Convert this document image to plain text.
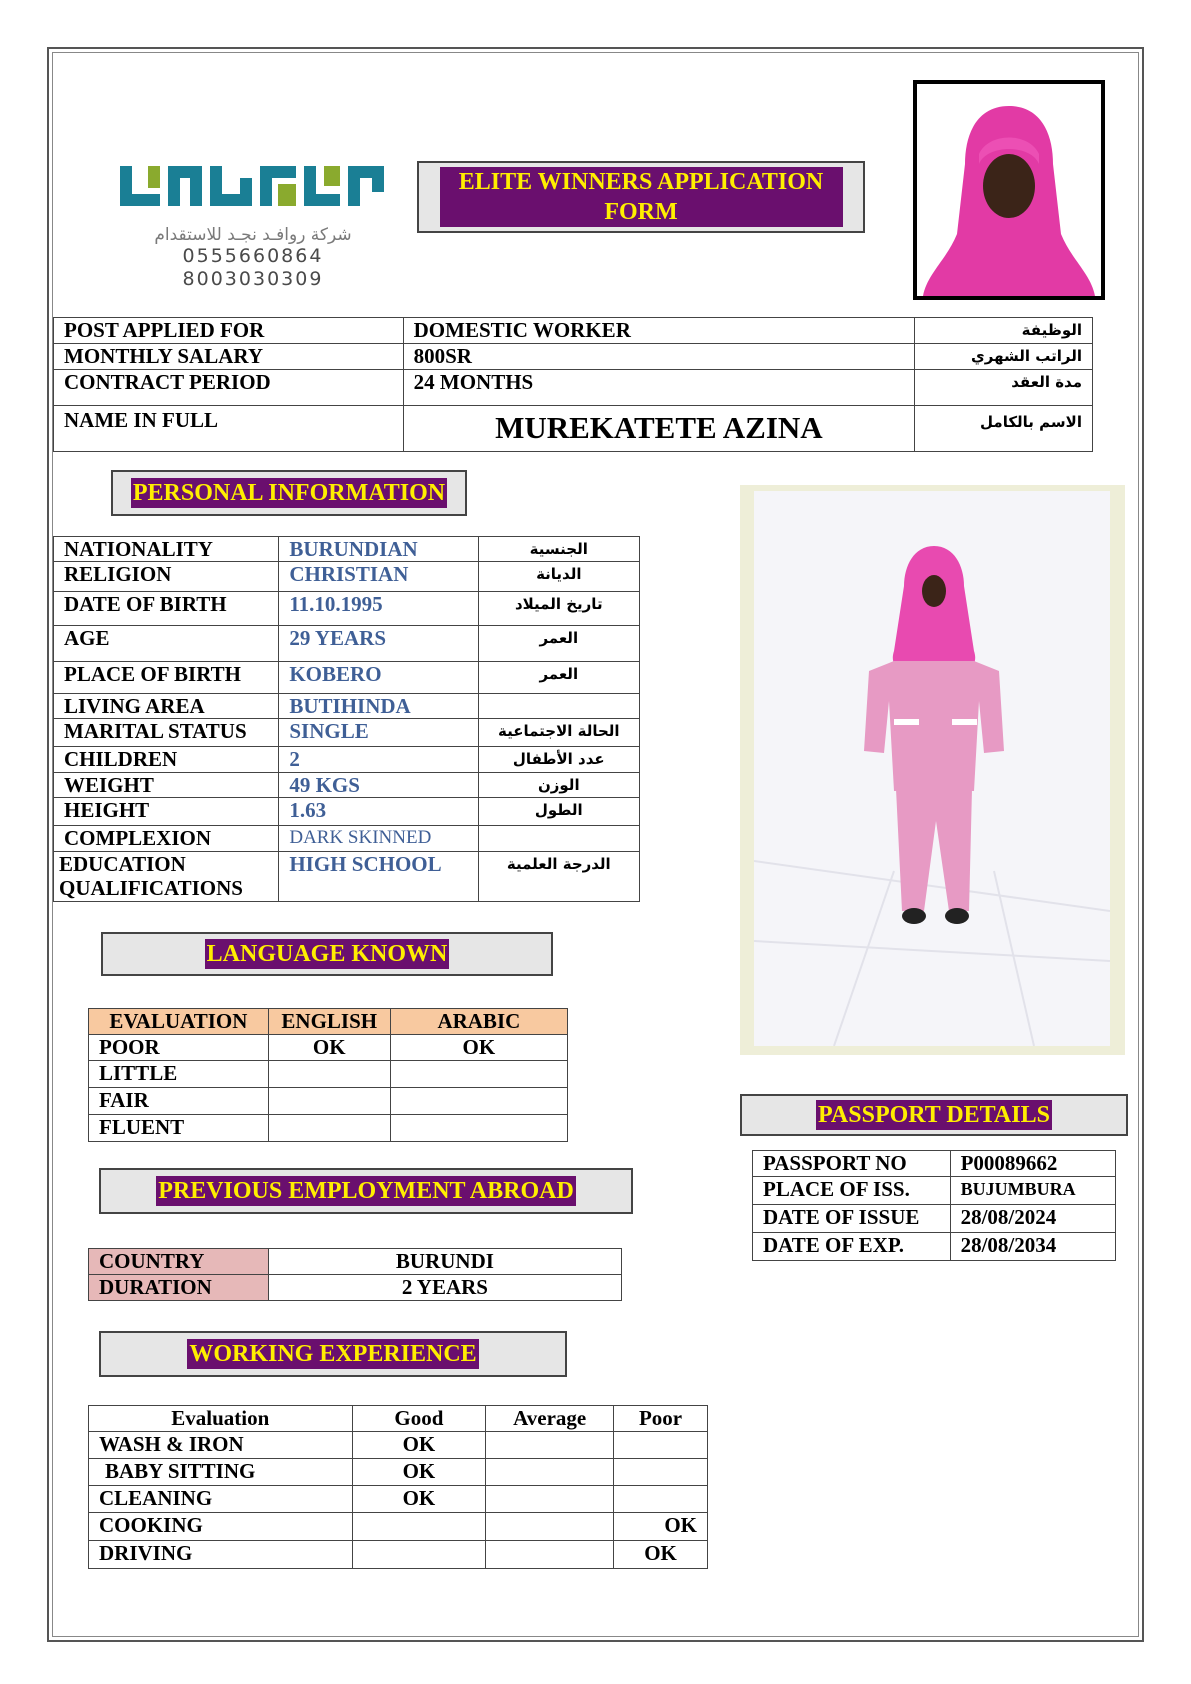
شركة روافـد نجـد للاستقدام
0555660864
8003030309
ELITE WINNERS APPLICATION FORM
POST APPLIED FOR	DOMESTIC WORKER	الوظيفة
MONTHLY SALARY	800SR	الراتب الشهري
CONTRACT PERIOD	24 MONTHS	مدة العقد
NAME IN FULL	MUREKATETE AZINA	الاسم بالكامل
PERSONAL INFORMATION
NATIONALITY	BURUNDIAN	الجنسية
RELIGION	CHRISTIAN	الديانة
DATE OF BIRTH	11.10.1995	تاريخ الميلاد
AGE	29 YEARS	العمر
PLACE OF BIRTH	KOBERO	العمر
LIVING AREA	BUTIHINDA	
MARITAL STATUS	SINGLE	الحالة الاجتماعية
CHILDREN	2	عدد الأطفال
WEIGHT	49 KGS	الوزن
HEIGHT	1.63	الطول
COMPLEXION	DARK SKINNED	
EDUCATION QUALIFICATIONS	HIGH SCHOOL	الدرجة العلمية
LANGUAGE KNOWN
EVALUATION	ENGLISH	ARABIC
POOR	OK	OK
LITTLE		
FAIR		
FLUENT		
PREVIOUS EMPLOYMENT ABROAD
COUNTRY	BURUNDI
DURATION	2 YEARS
WORKING EXPERIENCE
Evaluation	Good	Average	Poor
WASH & IRON	OK		
BABY SITTING	OK		
CLEANING	OK		
COOKING			OK
DRIVING			OK
PASSPORT DETAILS
PASSPORT NO	P00089662
PLACE OF ISS.	BUJUMBURA
DATE OF ISSUE	28/08/2024
DATE OF EXP.	28/08/2034
